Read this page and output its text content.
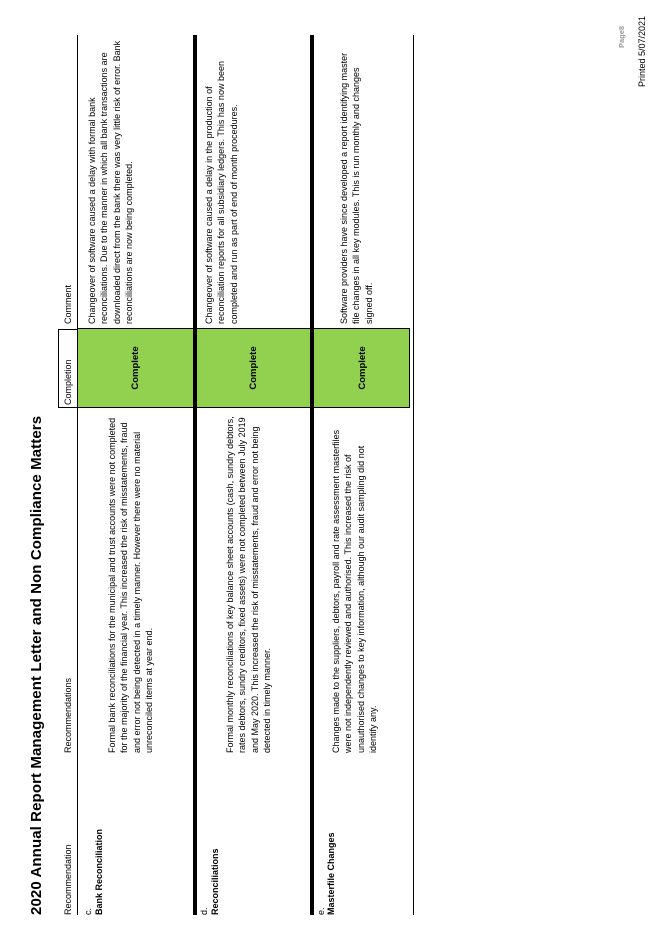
2020 Annual Report Management Letter and Non Compliance Matters Recommendation
Recommendations
Completion
Comment
c. Bank Reconciliation
Formal bank reconciliations for the municipal and trust accounts were not completed for the majority of the financial year. This increased the risk of misstatements, fraud and error not being detected in a timely manner. However there were no material unreconciled items at year end.
Complete
Changeover of software caused a delay with formal bank reconciliations. Due to the manner in which all bank transactions are downloaded direct from the bank there was very little risk of error. Bank reconciliations are now being completed.
d. Reconciliations
Formal monthly reconciliations of key balance sheet accounts (cash, sundry debtors, rates debtors, sundry creditors, fixed assets) were not completed between July 2019 and May 2020. This increased the risk of misstatements, fraud and error not being detected in timely manner.
Complete
Changeover of software caused a delay in the production of reconciliation reports for all subsidiary ledgers. This has now been completed and run as part of end of month procedures.
e. Masterfile Changes
Changes made to the suppliers, debtors, payroll and rate assessment masterfiles were not independently reviewed and authorised. This increased the risk of unauthorised changes to key information, although our audit sampling did not identify any.
Complete
Software providers have since developed a report identifying master file changes in all key modules. This is run monthly and changes signed off.
Page8 Printed 5/07/2021
